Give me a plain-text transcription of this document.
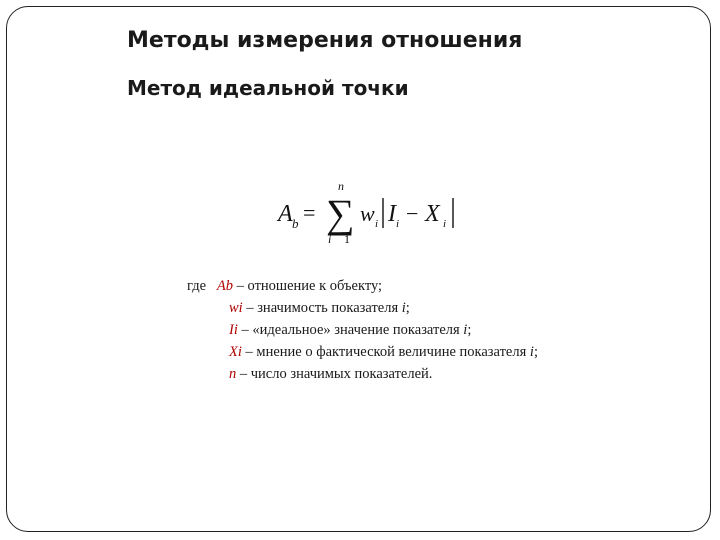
Методы измерения отношения
Метод идеальной точки
A b = ∑
n
i 1
w i I i − X i
где Ab – отношение к объекту;
wi – значимость показателя i;
Ii – «идеальное» значение показателя i;
Xi – мнение о фактической величине показателя i;
n – число значимых показателей.
